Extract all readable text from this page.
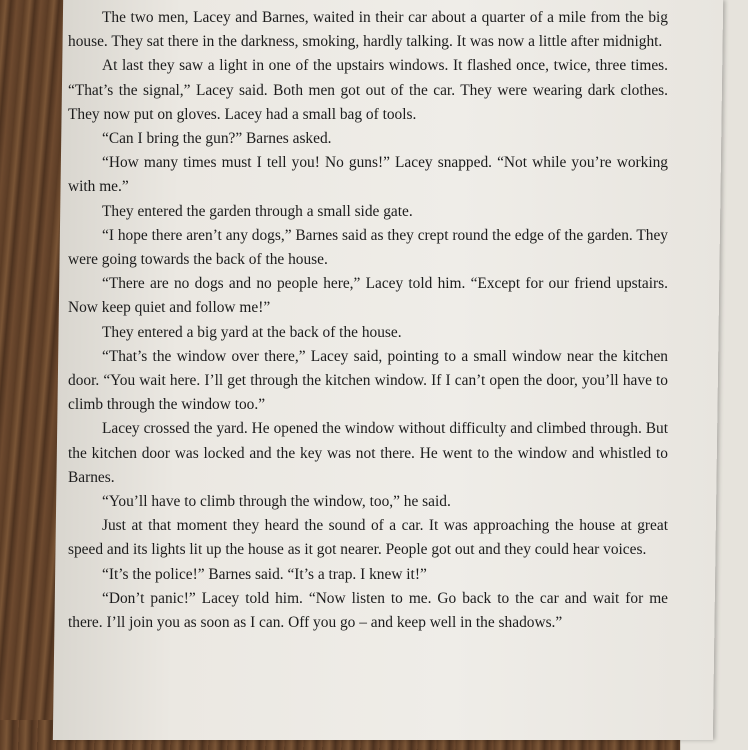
The two men, Lacey and Barnes, waited in their car about a quarter of a mile from the big house. They sat there in the darkness, smoking, hardly talking. It was now a little after midnight.

At last they saw a light in one of the upstairs windows. It flashed once, twice, three times. “That’s the signal,” Lacey said. Both men got out of the car. They were wearing dark clothes. They now put on gloves. Lacey had a small bag of tools.

“Can I bring the gun?” Barnes asked.

“How many times must I tell you! No guns!” Lacey snapped. “Not while you’re working with me.”

They entered the garden through a small side gate.

“I hope there aren’t any dogs,” Barnes said as they crept round the edge of the garden. They were going towards the back of the house.

“There are no dogs and no people here,” Lacey told him. “Except for our friend upstairs. Now keep quiet and follow me!”

They entered a big yard at the back of the house.

“That’s the window over there,” Lacey said, pointing to a small window near the kitchen door. “You wait here. I’ll get through the kitchen window. If I can’t open the door, you’ll have to climb through the window too.”

Lacey crossed the yard. He opened the window without difficulty and climbed through. But the kitchen door was locked and the key was not there. He went to the window and whistled to Barnes.

“You’ll have to climb through the window, too,” he said.

Just at that moment they heard the sound of a car. It was approaching the house at great speed and its lights lit up the house as it got nearer. People got out and they could hear voices.

“It’s the police!” Barnes said. “It’s a trap. I knew it!”

“Don’t panic!” Lacey told him. “Now listen to me. Go back to the car and wait for me there. I’ll join you as soon as I can. Off you go – and keep well in the shadows.”
